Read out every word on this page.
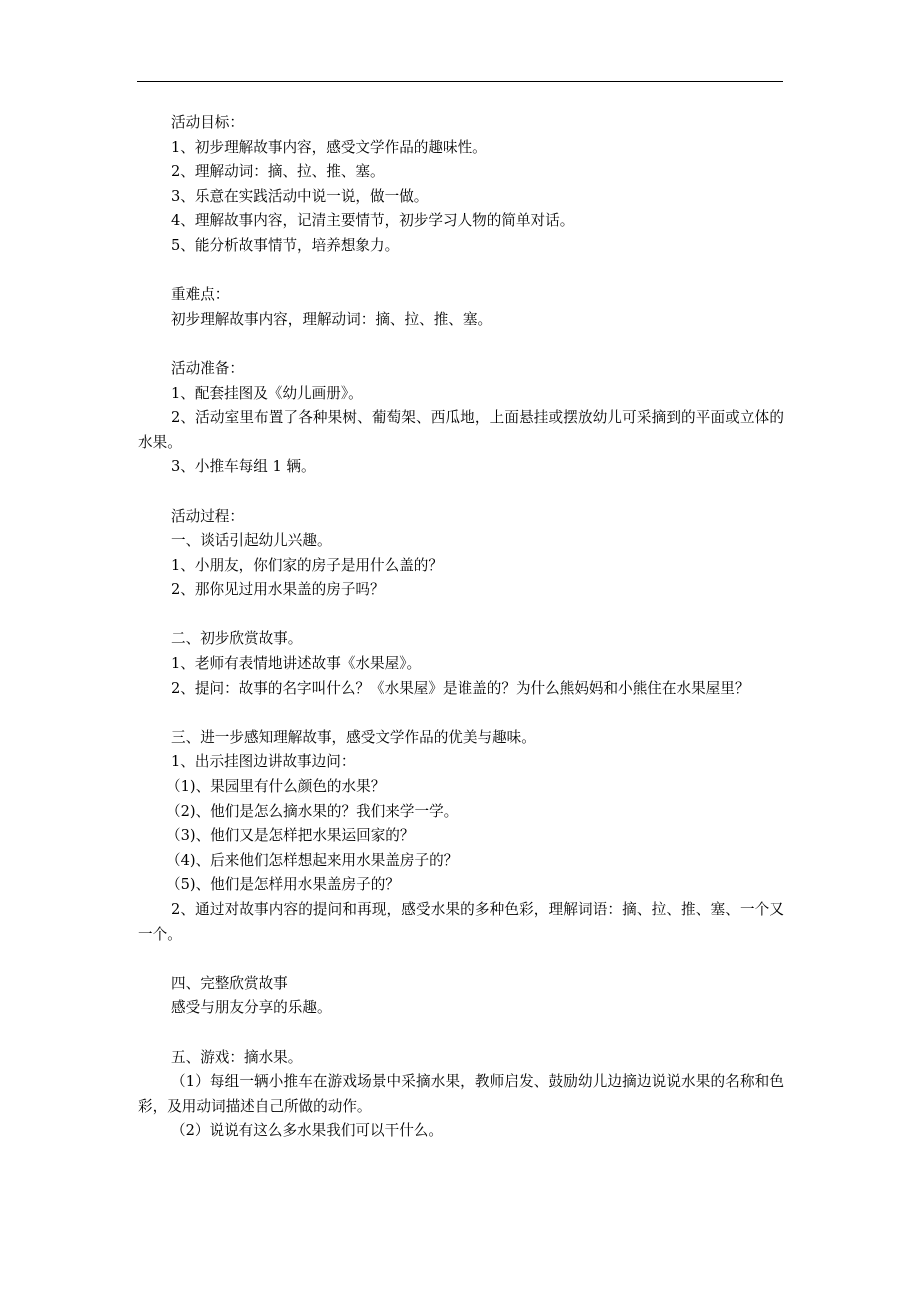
活动目标：

1、初步理解故事内容，感受文学作品的趣味性。

2、理解动词：摘、拉、推、塞。

3、乐意在实践活动中说一说，做一做。

4、理解故事内容，记清主要情节，初步学习人物的简单对话。

5、能分析故事情节，培养想象力。

重难点：

初步理解故事内容，理解动词：摘、拉、推、塞。

活动准备：

1、配套挂图及《幼儿画册》。

2、活动室里布置了各种果树、葡萄架、西瓜地，上面悬挂或摆放幼儿可采摘到的平面或立体的水果。

3、小推车每组 1 辆。

活动过程：

一、谈话引起幼儿兴趣。

1、小朋友，你们家的房子是用什么盖的？

2、那你见过用水果盖的房子吗？

二、初步欣赏故事。

1、老师有表情地讲述故事《水果屋》。

2、提问：故事的名字叫什么？《水果屋》是谁盖的？为什么熊妈妈和小熊住在水果屋里？

三、进一步感知理解故事，感受文学作品的优美与趣味。

1、出示挂图边讲故事边问：

（1)、果园里有什么颜色的水果？

（2)、他们是怎么摘水果的？我们来学一学。

（3)、他们又是怎样把水果运回家的？

（4)、后来他们怎样想起来用水果盖房子的？

（5)、他们是怎样用水果盖房子的？

2、通过对故事内容的提问和再现，感受水果的多种色彩，理解词语：摘、拉、推、塞、一个又一个。

四、完整欣赏故事

感受与朋友分享的乐趣。

五、游戏：摘水果。

（1）每组一辆小推车在游戏场景中采摘水果，教师启发、鼓励幼儿边摘边说说水果的名称和色彩，及用动词描述自己所做的动作。

（2）说说有这么多水果我们可以干什么。
